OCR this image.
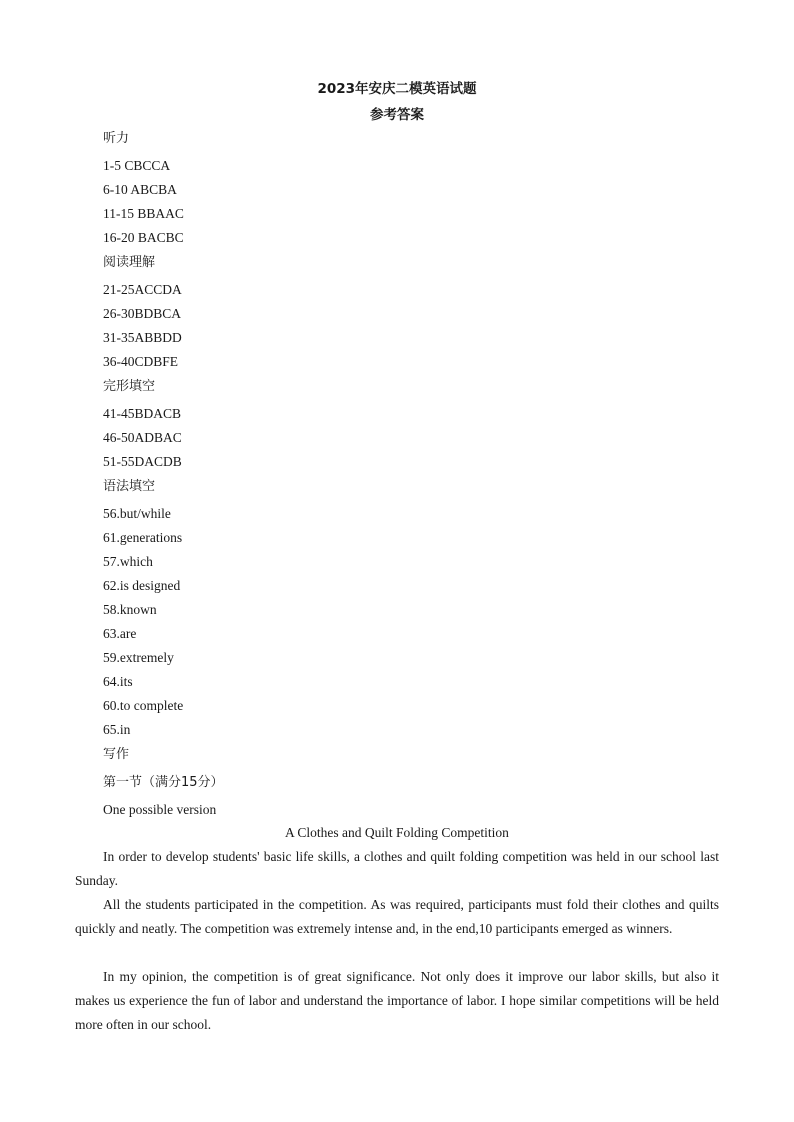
2023年安庆二模英语试题
参考答案
听力
1-5 CBCCA
6-10 ABCBA
11-15 BBAAC
16-20 BACBC
阅读理解
21-25ACCDA
26-30BDBCA
31-35ABBDD
36-40CDBFE
完形填空
41-45BDACB
46-50ADBAC
51-55DACDB
语法填空
56.but/while
61.generations
57.which
62.is designed
58.known
63.are
59.extremely
64.its
60.to complete
65.in
写作
第一节（满分15分）
One possible version
A Clothes and Quilt Folding Competition
In order to develop students' basic life skills, a clothes and quilt folding competition was held in our school last Sunday.
All the students participated in the competition. As was required, participants must fold their clothes and quilts quickly and neatly. The competition was extremely intense and, in the end,10 participants emerged as winners.
In my opinion, the competition is of great significance. Not only does it improve our labor skills, but also it makes us experience the fun of labor and understand the importance of labor. I hope similar competitions will be held more often in our school.
